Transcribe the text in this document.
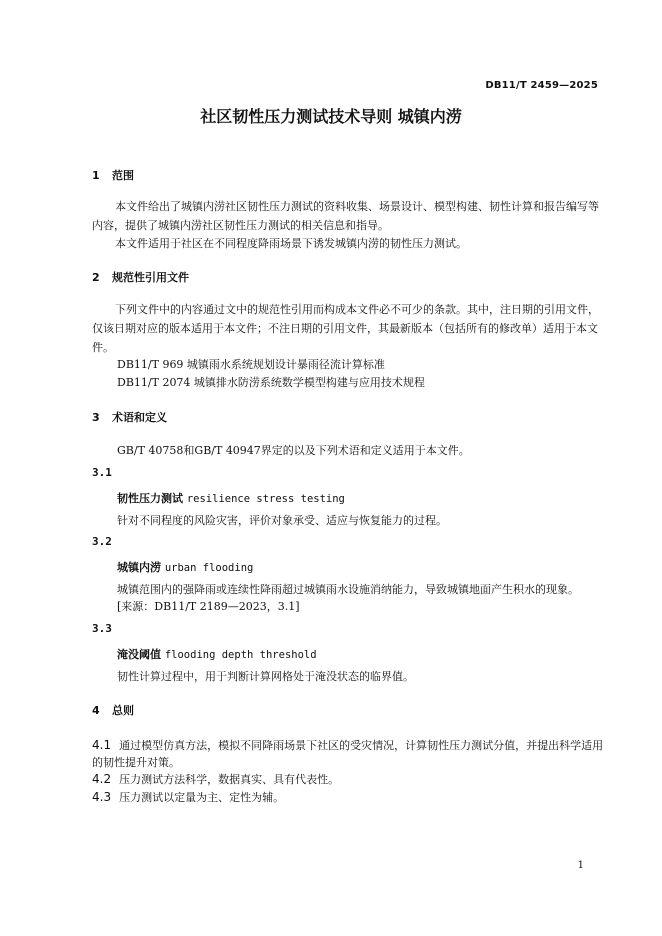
DB11/T 2459—2025
社区韧性压力测试技术导则 城镇内涝
1 范围
本文件给出了城镇内涝社区韧性压力测试的资料收集、场景设计、模型构建、韧性计算和报告编写等内容，提供了城镇内涝社区韧性压力测试的相关信息和指导。
本文件适用于社区在不同程度降雨场景下诱发城镇内涝的韧性压力测试。
2 规范性引用文件
下列文件中的内容通过文中的规范性引用而构成本文件必不可少的条款。其中，注日期的引用文件，仅该日期对应的版本适用于本文件；不注日期的引用文件，其最新版本（包括所有的修改单）适用于本文件。
DB11/T 969 城镇雨水系统规划设计暴雨径流计算标准
DB11/T 2074 城镇排水防涝系统数学模型构建与应用技术规程
3 术语和定义
GB/T 40758和GB/T 40947界定的以及下列术语和定义适用于本文件。
3.1
韧性压力测试 resilience stress testing
针对不同程度的风险灾害，评价对象承受、适应与恢复能力的过程。
3.2
城镇内涝 urban flooding
城镇范围内的强降雨或连续性降雨超过城镇雨水设施消纳能力，导致城镇地面产生积水的现象。
[来源：DB11/T 2189—2023，3.1]
3.3
淹没阈值 flooding depth threshold
韧性计算过程中，用于判断计算网格处于淹没状态的临界值。
4 总则
4.1 通过模型仿真方法，模拟不同降雨场景下社区的受灾情况，计算韧性压力测试分值，并提出科学适用的韧性提升对策。
4.2 压力测试方法科学，数据真实、具有代表性。
4.3 压力测试以定量为主、定性为辅。
1
